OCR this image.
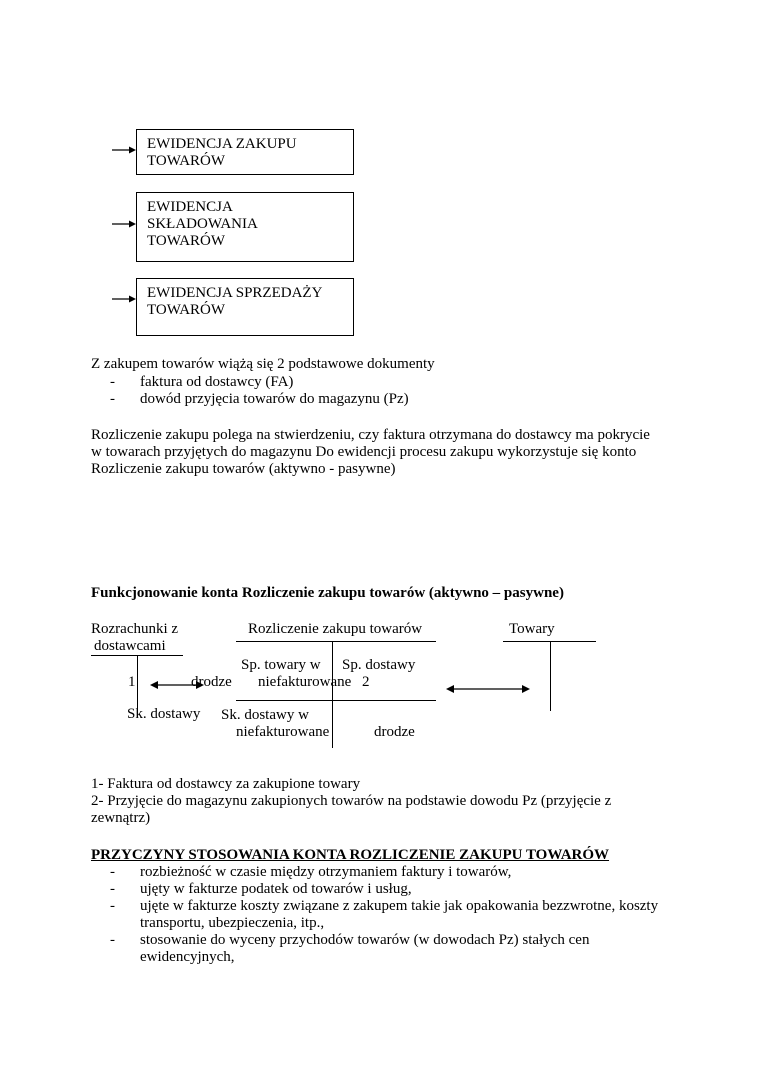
EWIDENCJA ZAKUPU
TOWARÓW
EWIDENCJA
SKŁADOWANIA
TOWARÓW
EWIDENCJA SPRZEDAŻY
TOWARÓW
Z zakupem towarów wiążą się 2 podstawowe dokumenty
- faktura od dostawcy (FA)
- dowód przyjęcia towarów do magazynu (Pz)
Rozliczenie zakupu polega na stwierdzeniu, czy faktura otrzymana do dostawcy ma pokrycie
w towarach przyjętych do magazynu Do ewidencji procesu zakupu wykorzystuje się konto
Rozliczenie zakupu towarów (aktywno - pasywne)
Funkcjonowanie konta Rozliczenie zakupu towarów (aktywno – pasywne)
Rozrachunki z
dostawcami
1
Sk. dostawy
Rozliczenie zakupu towarów
Sp. towary w
drodze
Sp. dostawy
niefakturowane 2
Sk. dostawy w
niefakturowane	drodze
Towary
1- Faktura od dostawcy za zakupione towary
2- Przyjęcie do magazynu zakupionych towarów na podstawie dowodu Pz (przyjęcie z
zewnątrz)
PRZYCZYNY STOSOWANIA KONTA ROZLICZENIE ZAKUPU TOWARÓW
- rozbieżność w czasie między otrzymaniem faktury i towarów,
- ujęty w fakturze podatek od towarów i usług,
- ujęte w fakturze koszty związane z zakupem takie jak opakowania bezzwrotne, koszty
transportu, ubezpieczenia, itp.,
- stosowanie do wyceny przychodów towarów (w dowodach Pz) stałych cen
ewidencyjnych,
